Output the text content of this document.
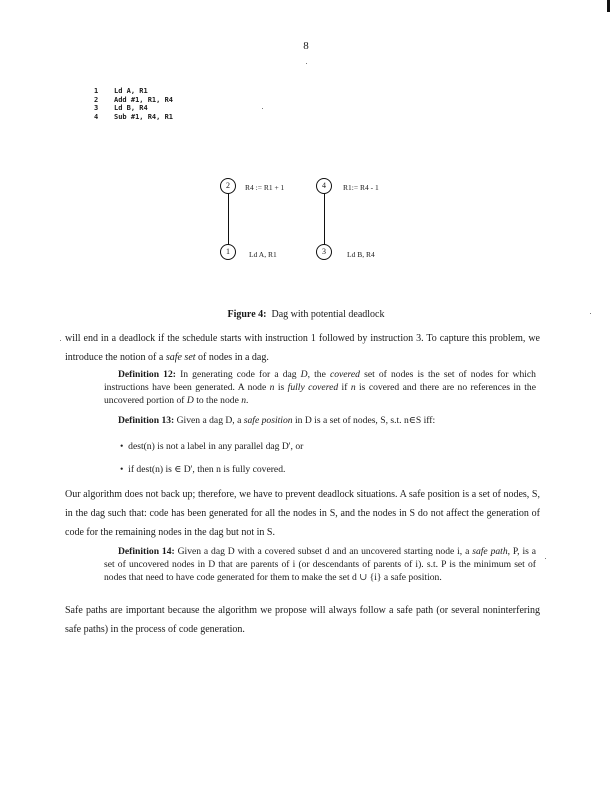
8
1 Ld A, R1
2 Add #1, R1, R4
3 Ld B, R4
4 Sub #1, R4, R1
2	R4 := R1 + 1
1	Ld A, R1
4	R1:= R4 - 1
3	Ld B, R4
Figure 4: Dag with potential deadlock
will end in a deadlock if the schedule starts with instruction 1 followed by instruction 3. To capture this problem, we introduce the notion of a safe set of nodes in a dag.
Definition 12: In generating code for a dag D, the covered set of nodes is the set of nodes for which instructions have been generated. A node n is fully covered if n is covered and there are no references in the uncovered portion of D to the node n.
Definition 13: Given a dag D, a safe position in D is a set of nodes, S, s.t. n∈S iff:
•  dest(n) is not a label in any parallel dag D', or
•  if dest(n) is ∈ D', then n is fully covered.
Our algorithm does not back up; therefore, we have to prevent deadlock situations. A safe position is a set of nodes, S, in the dag such that: code has been generated for all the nodes in S, and the nodes in S do not affect the generation of code for the remaining nodes in the dag but not in S.
Definition 14: Given a dag D with a covered subset d and an uncovered starting node i, a safe path, P, is a set of uncovered nodes in D that are parents of i (or descendants of parents of i). s.t. P is the minimum set of nodes that need to have code generated for them to make the set d ∪ {i} a safe position.
Safe paths are important because the algorithm we propose will always follow a safe path (or several noninterfering safe paths) in the process of code generation.
